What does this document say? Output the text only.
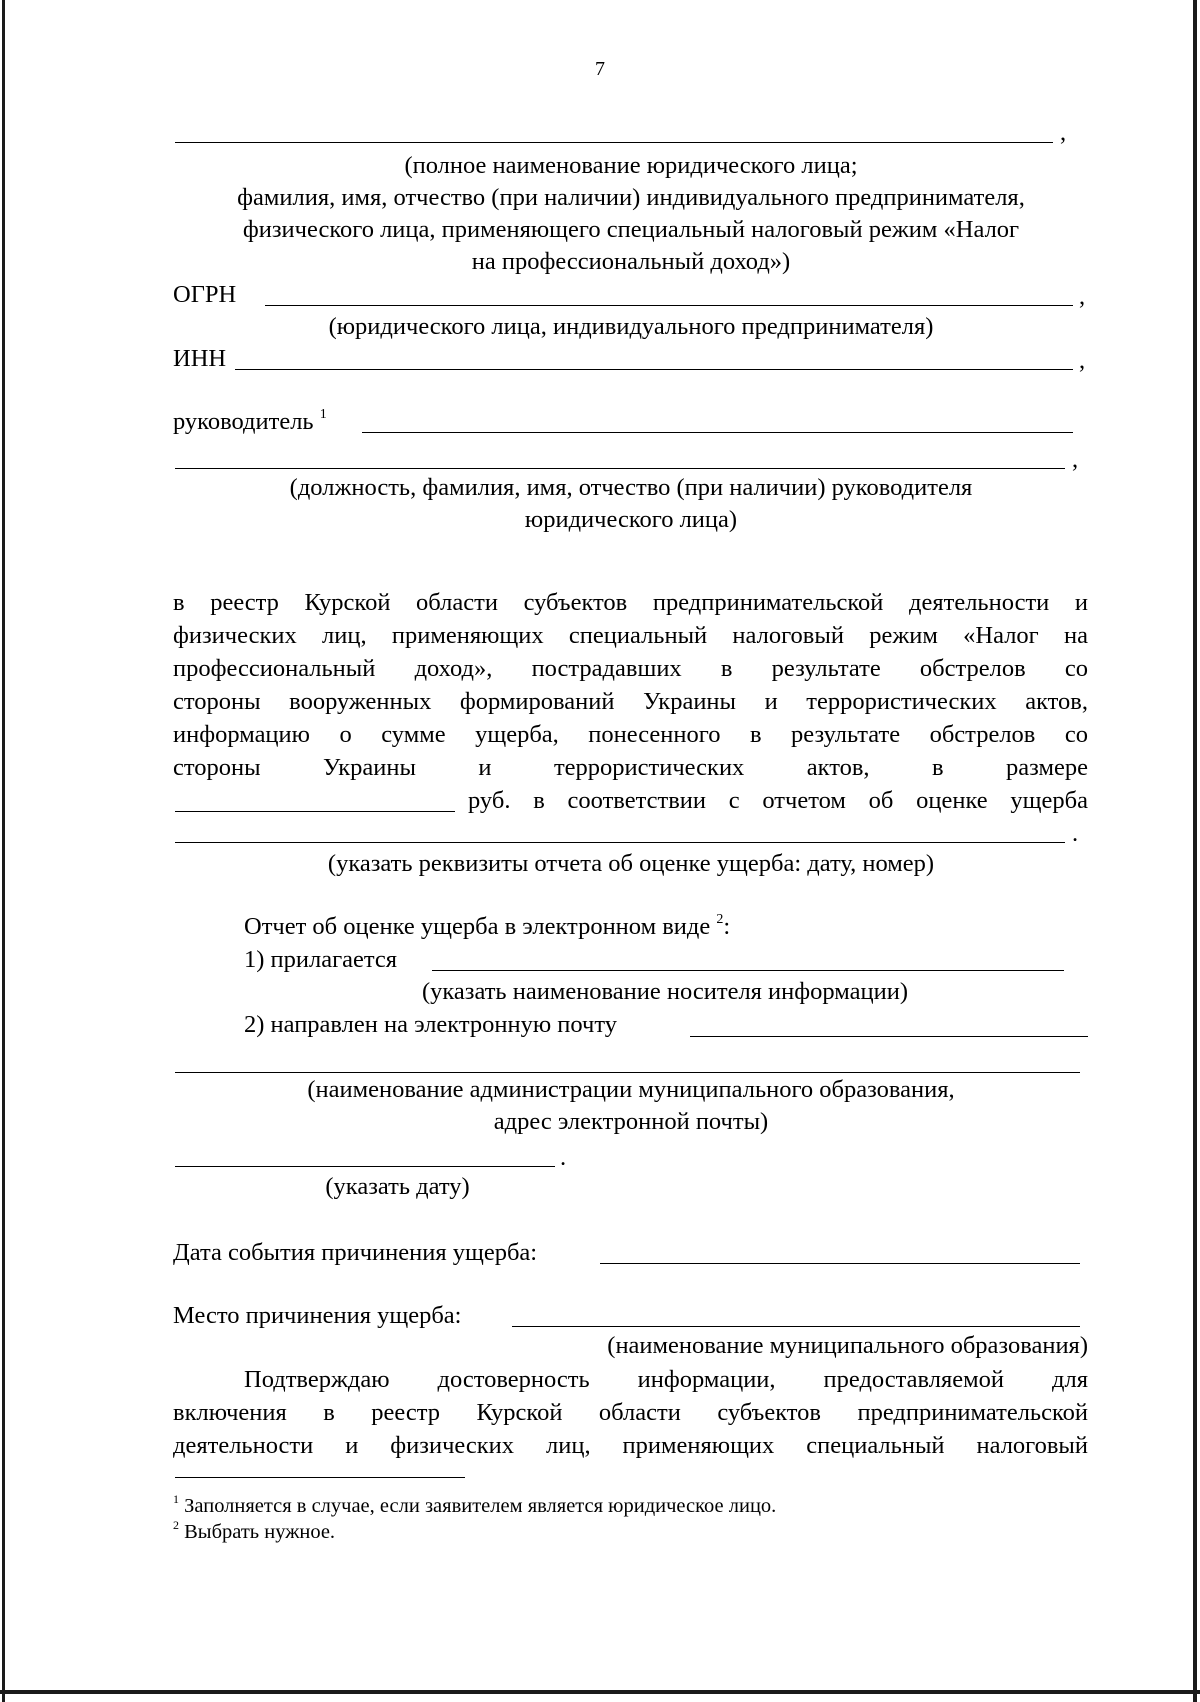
7
,
(полное наименование юридического лица;
фамилия, имя, отчество (при наличии) индивидуального предпринимателя,
физического лица, применяющего специальный налоговый режим «Налог
на профессиональный доход»)
ОГРН	,
(юридического лица, индивидуального предпринимателя)
ИНН	,
руководитель $^1$
,
(должность, фамилия, имя, отчество (при наличии) руководителя
юридического лица)
в реестр Курской области субъектов предпринимательской деятельности и
физических лиц, применяющих специальный налоговый режим «Налог на
профессиональный доход», пострадавших в результате обстрелов со
стороны вооруженных формирований Украины и террористических актов,
информацию о сумме ущерба, понесенного в результате обстрелов со
стороны Украины и террористических актов, в размере
руб. в соответствии с отчетом об оценке ущерба
.
(указать реквизиты отчета об оценке ущерба: дату, номер)
Отчет об оценке ущерба в электронном виде $^2$:
1) прилагается
(указать наименование носителя информации)
2) направлен на электронную почту
(наименование администрации муниципального образования,
адрес электронной почты)
.
(указать дату)
Дата события причинения ущерба:
Место причинения ущерба:
(наименование муниципального образования)
Подтверждаю достоверность информации, предоставляемой для
включения в реестр Курской области субъектов предпринимательской
деятельности и физических лиц, применяющих специальный налоговый
$^1$ Заполняется в случае, если заявителем является юридическое лицо.
$^2$ Выбрать нужное.
